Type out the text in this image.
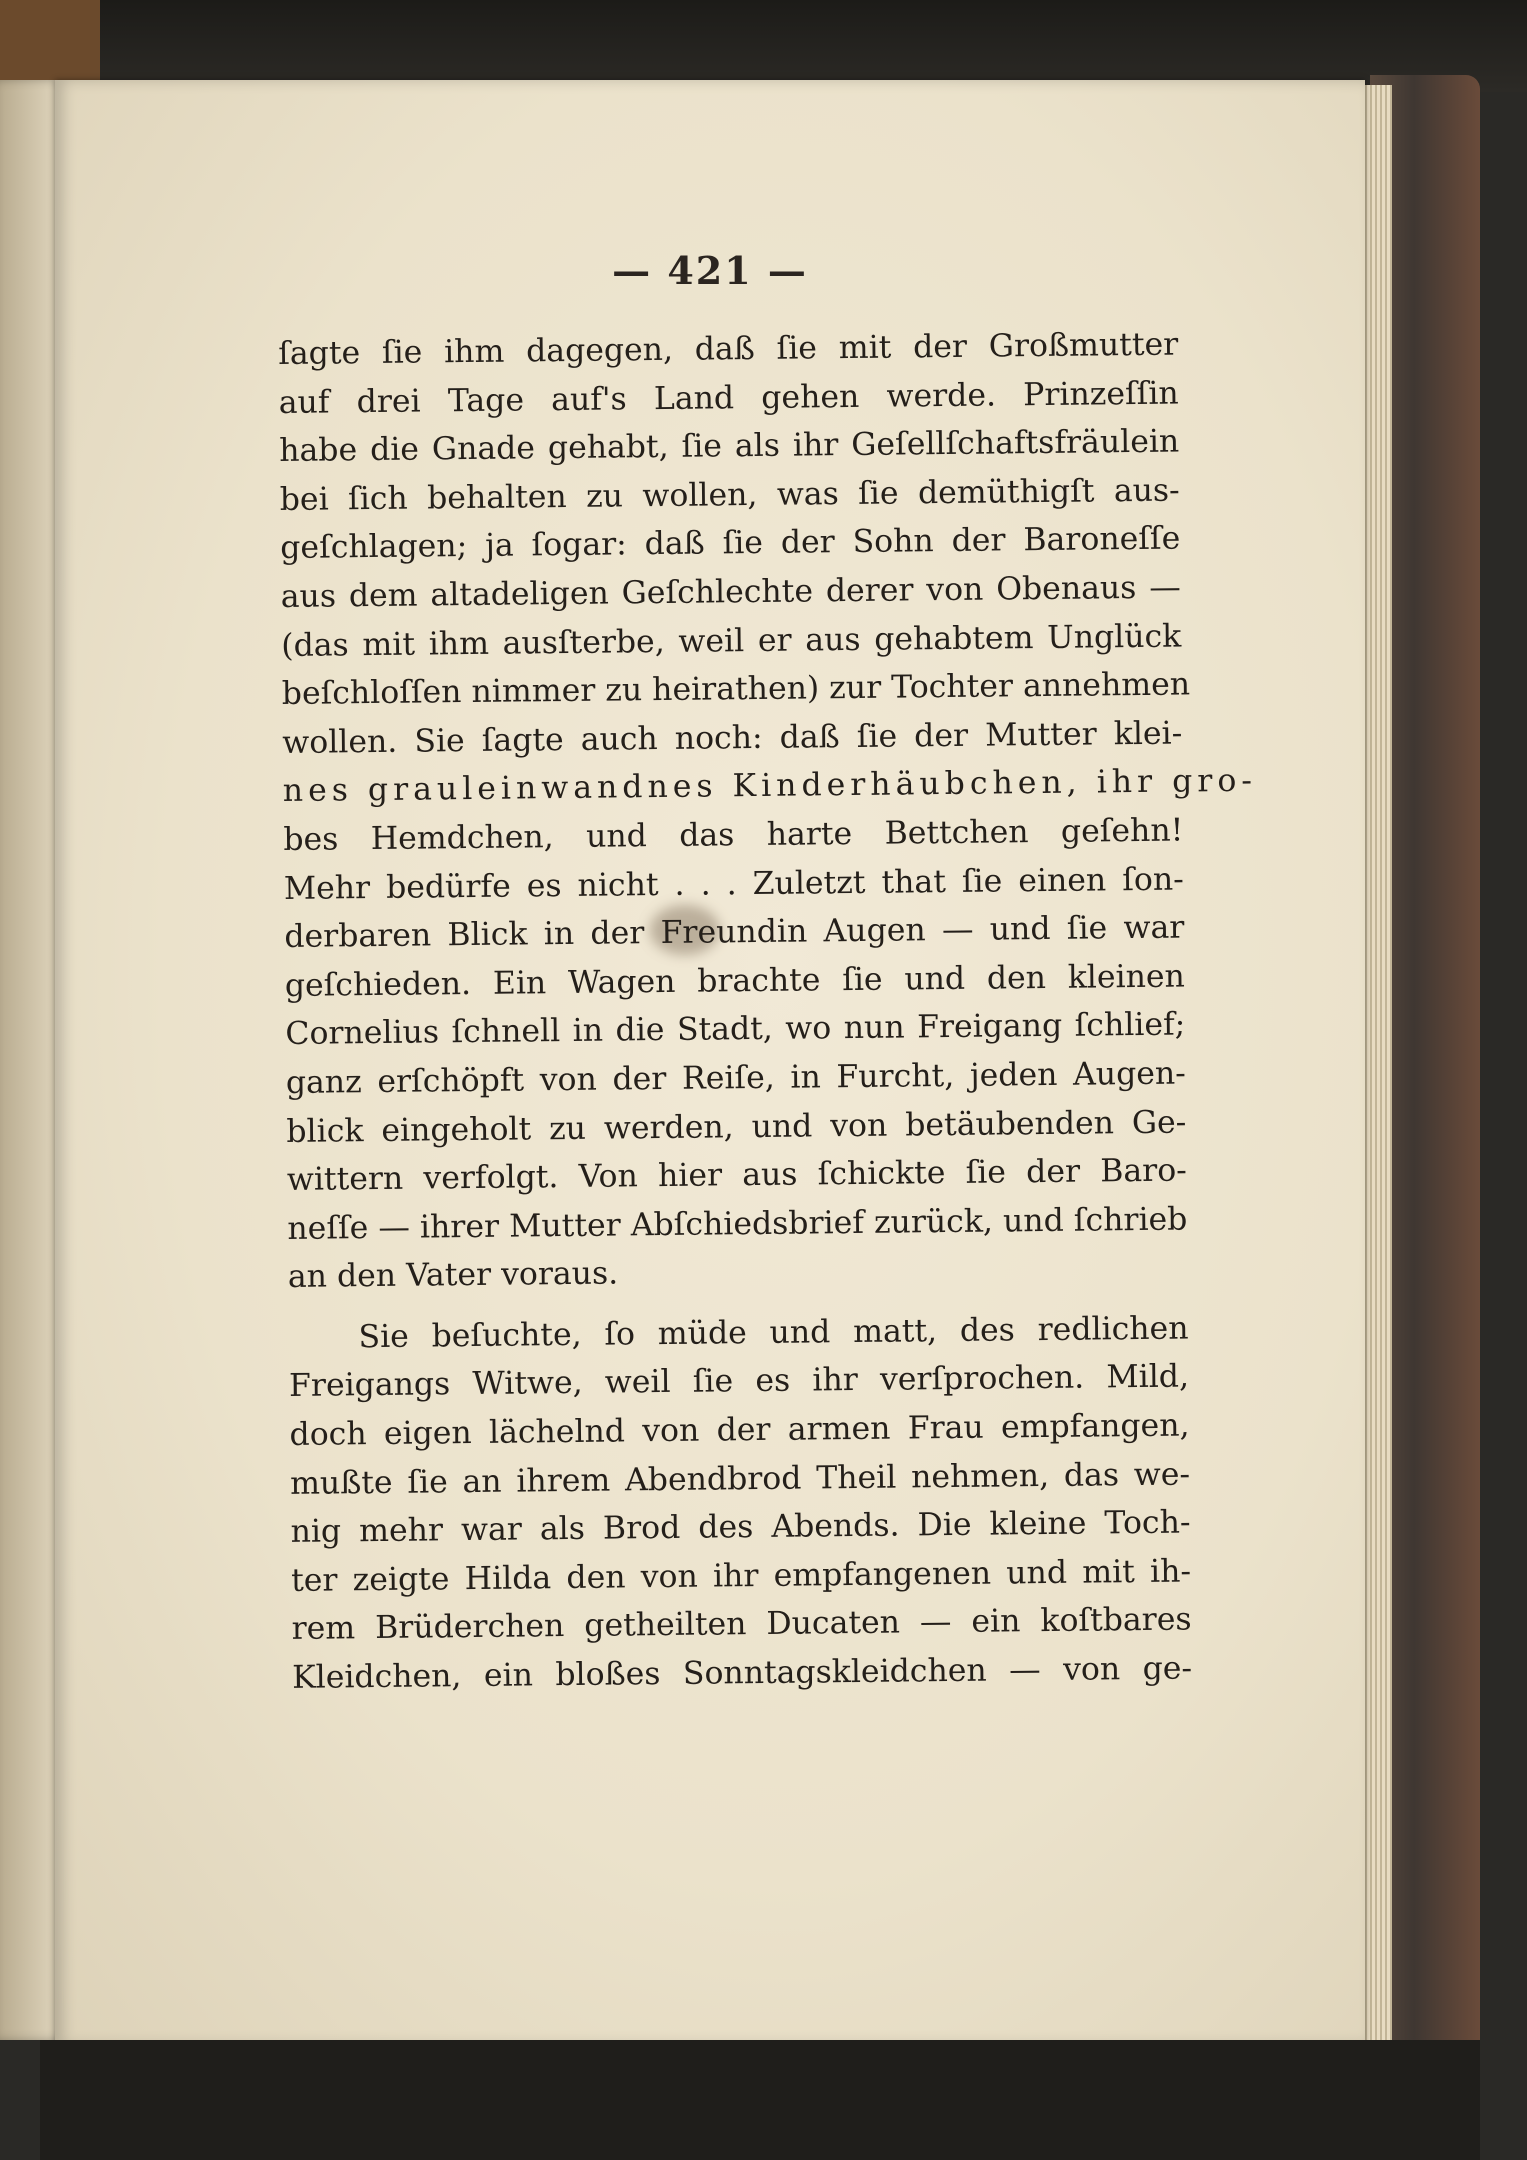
— 421 —
ſagte ſie ihm dagegen, daß ſie mit der Großmutter
auf drei Tage auf's Land gehen werde. Prinzeſſin
habe die Gnade gehabt, ſie als ihr Geſellſchaftsfräulein
bei ſich behalten zu wollen, was ſie demüthigſt aus-
geſchlagen; ja ſogar: daß ſie der Sohn der Baroneſſe
aus dem altadeligen Geſchlechte derer von Obenaus —
(das mit ihm ausſterbe, weil er aus gehabtem Unglück
beſchloſſen nimmer zu heirathen) zur Tochter annehmen
wollen. Sie ſagte auch noch: daß ſie der Mutter klei-
nes grauleinwandnes Kinderhäubchen, ihr gro-
bes Hemdchen, und das harte Bettchen geſehn!
Mehr bedürfe es nicht . . . Zuletzt that ſie einen ſon-
derbaren Blick in der Freundin Augen — und ſie war
geſchieden. Ein Wagen brachte ſie und den kleinen
Cornelius ſchnell in die Stadt, wo nun Freigang ſchlief;
ganz erſchöpft von der Reiſe, in Furcht, jeden Augen-
blick eingeholt zu werden, und von betäubenden Ge-
wittern verfolgt. Von hier aus ſchickte ſie der Baro-
neſſe — ihrer Mutter Abſchiedsbrief zurück, und ſchrieb
an den Vater voraus.
Sie beſuchte, ſo müde und matt, des redlichen
Freigangs Witwe, weil ſie es ihr verſprochen. Mild,
doch eigen lächelnd von der armen Frau empfangen,
mußte ſie an ihrem Abendbrod Theil nehmen, das we-
nig mehr war als Brod des Abends. Die kleine Toch-
ter zeigte Hilda den von ihr empfangenen und mit ih-
rem Brüderchen getheilten Ducaten — ein koſtbares
Kleidchen, ein bloßes Sonntagskleidchen — von ge-
